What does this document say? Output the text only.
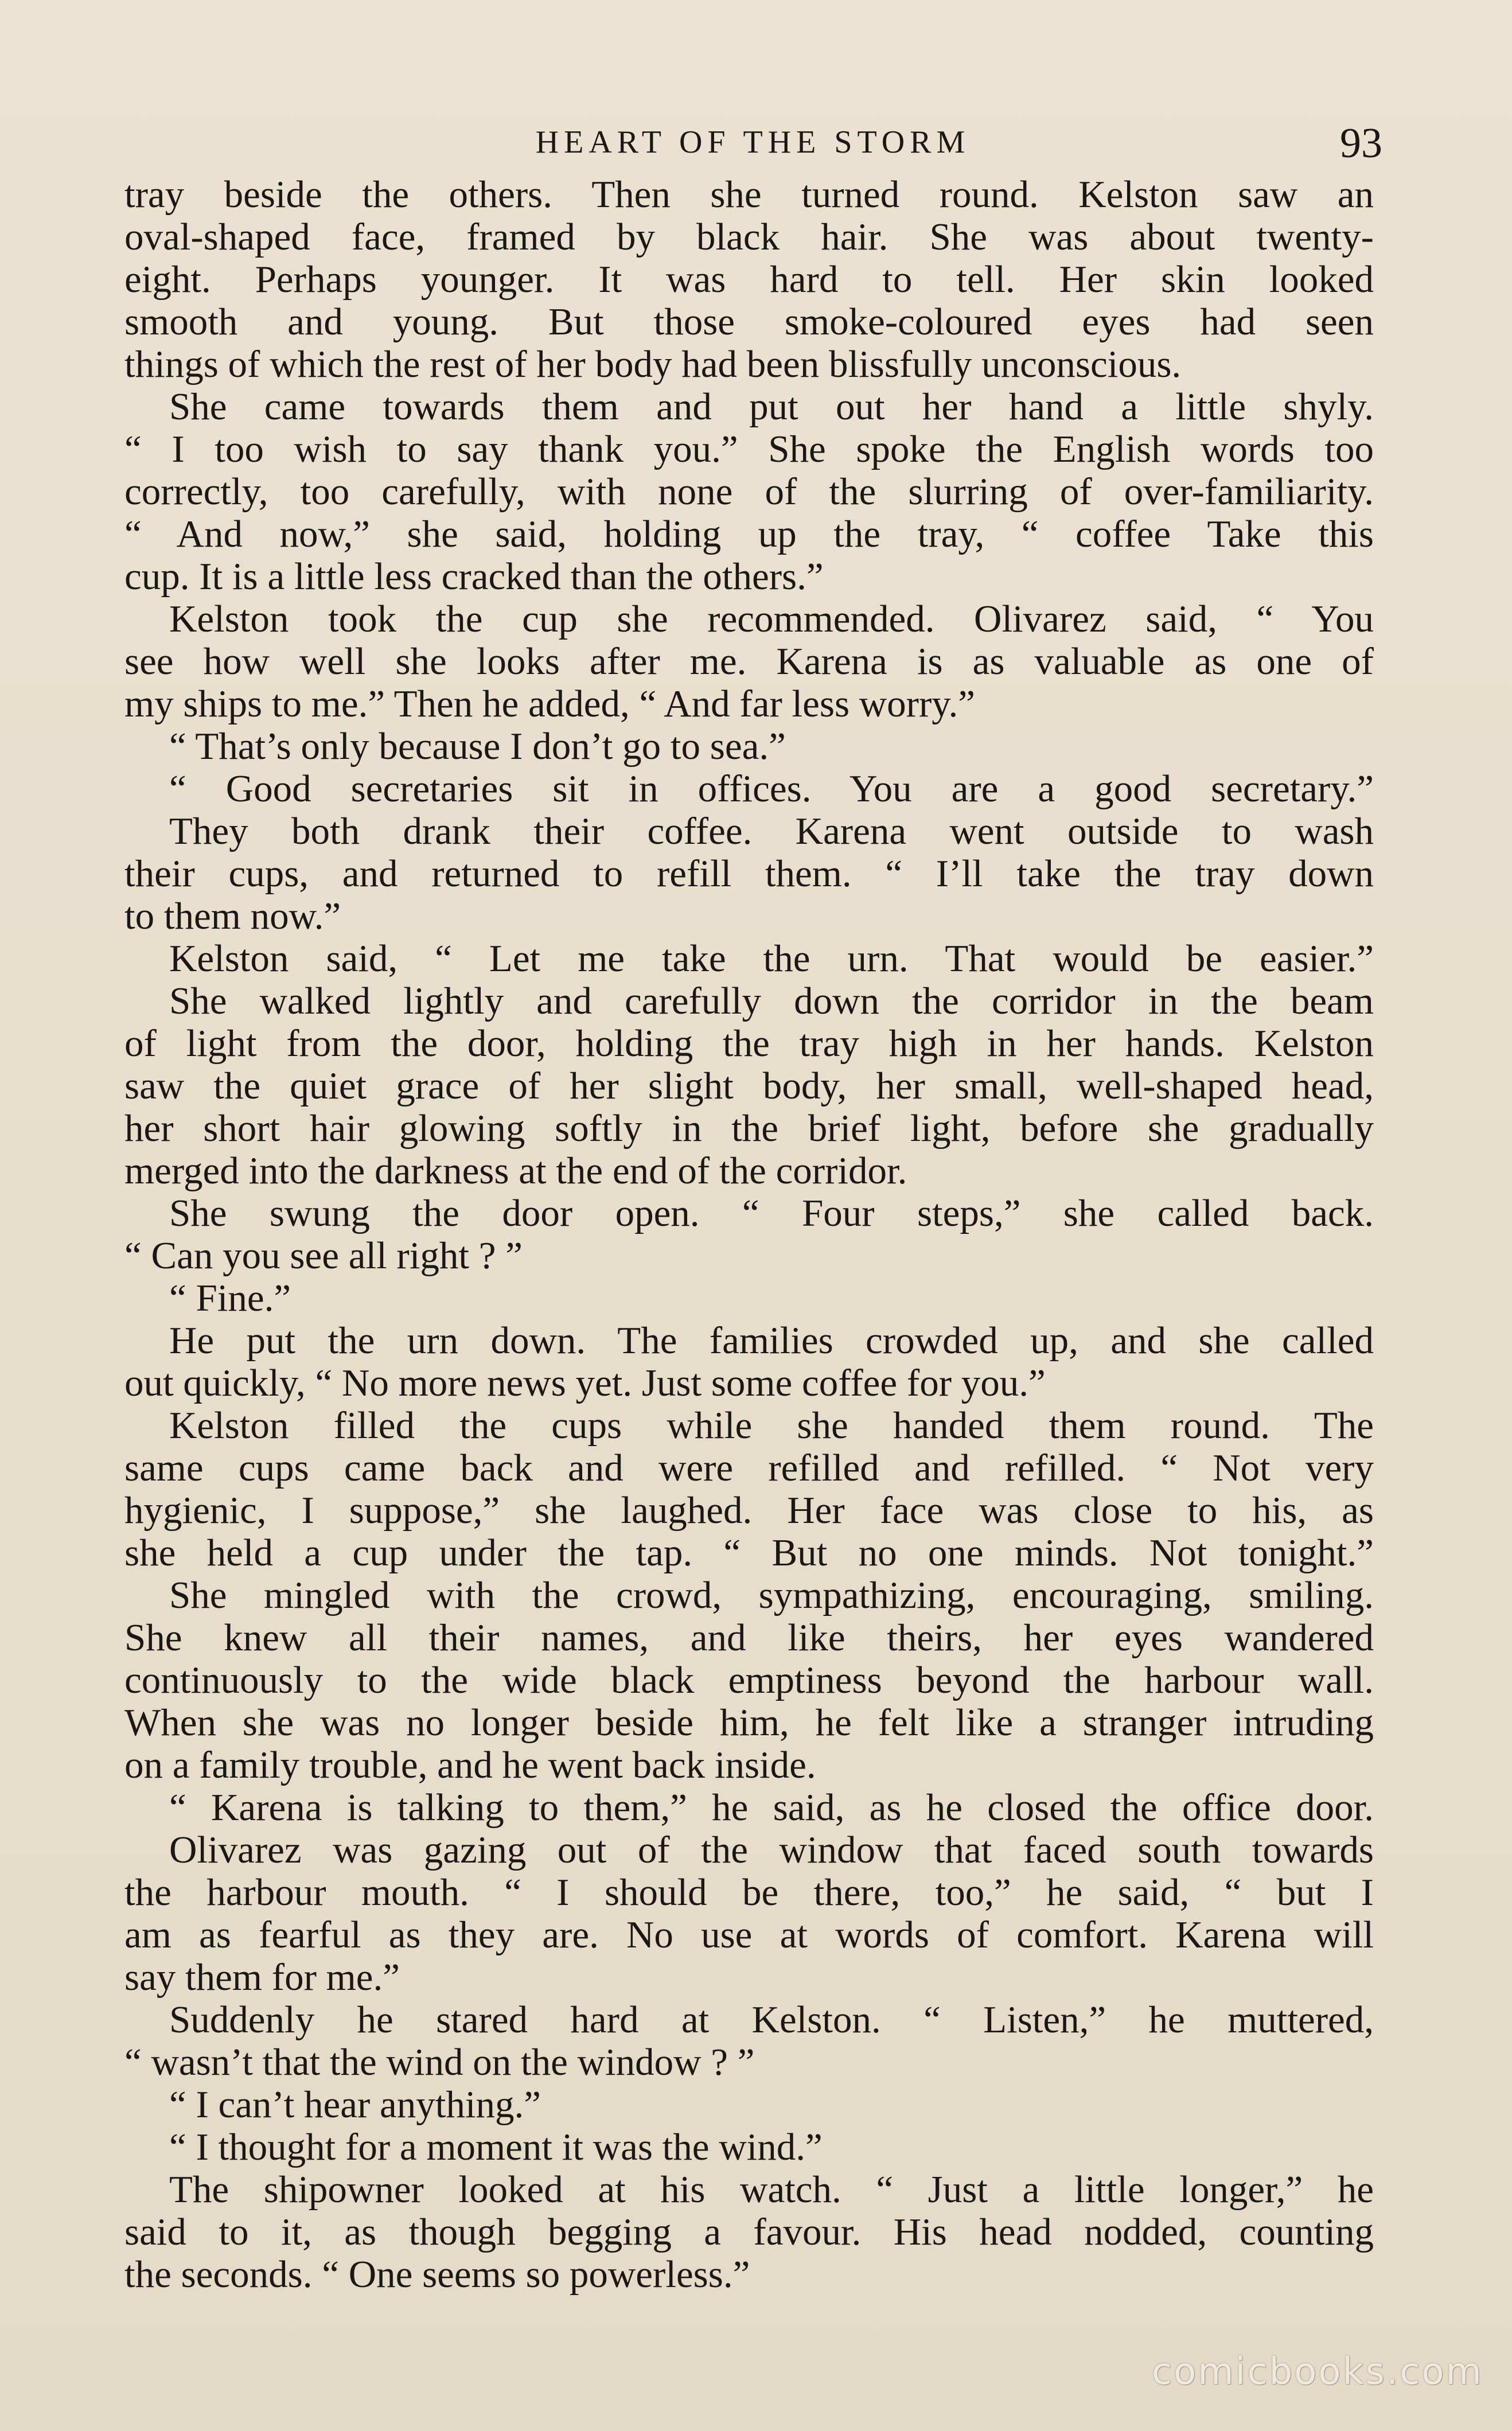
HEART OF THE STORM	93
tray beside the others. Then she turned round. Kelston saw an
oval-shaped face, framed by black hair. She was about twenty-
eight. Perhaps younger. It was hard to tell. Her skin looked
smooth and young. But those smoke-coloured eyes had seen
things of which the rest of her body had been blissfully unconscious.
She came towards them and put out her hand a little shyly.
“ I too wish to say thank you.” She spoke the English words too
correctly, too carefully, with none of the slurring of over-familiarity.
“ And now,” she said, holding up the tray, “ coffee Take this
cup. It is a little less cracked than the others.”
Kelston took the cup she recommended. Olivarez said, “ You
see how well she looks after me. Karena is as valuable as one of
my ships to me.” Then he added, “ And far less worry.”
“ That’s only because I don’t go to sea.”
“ Good secretaries sit in offices. You are a good secretary.”
They both drank their coffee. Karena went outside to wash
their cups, and returned to refill them. “ I’ll take the tray down
to them now.”
Kelston said, “ Let me take the urn. That would be easier.”
She walked lightly and carefully down the corridor in the beam
of light from the door, holding the tray high in her hands. Kelston
saw the quiet grace of her slight body, her small, well-shaped head,
her short hair glowing softly in the brief light, before she gradually
merged into the darkness at the end of the corridor.
She swung the door open. “ Four steps,” she called back.
“ Can you see all right ? ”
“ Fine.”
He put the urn down. The families crowded up, and she called
out quickly, “ No more news yet. Just some coffee for you.”
Kelston filled the cups while she handed them round. The
same cups came back and were refilled and refilled. “ Not very
hygienic, I suppose,” she laughed. Her face was close to his, as
she held a cup under the tap. “ But no one minds. Not tonight.”
She mingled with the crowd, sympathizing, encouraging, smiling.
She knew all their names, and like theirs, her eyes wandered
continuously to the wide black emptiness beyond the harbour wall.
When she was no longer beside him, he felt like a stranger intruding
on a family trouble, and he went back inside.
“ Karena is talking to them,” he said, as he closed the office door.
Olivarez was gazing out of the window that faced south towards
the harbour mouth. “ I should be there, too,” he said, “ but I
am as fearful as they are. No use at words of comfort. Karena will
say them for me.”
Suddenly he stared hard at Kelston. “ Listen,” he muttered,
“ wasn’t that the wind on the window ? ”
“ I can’t hear anything.”
“ I thought for a moment it was the wind.”
The shipowner looked at his watch. “ Just a little longer,” he
said to it, as though begging a favour. His head nodded, counting
the seconds. “ One seems so powerless.”
comicbooks.com
